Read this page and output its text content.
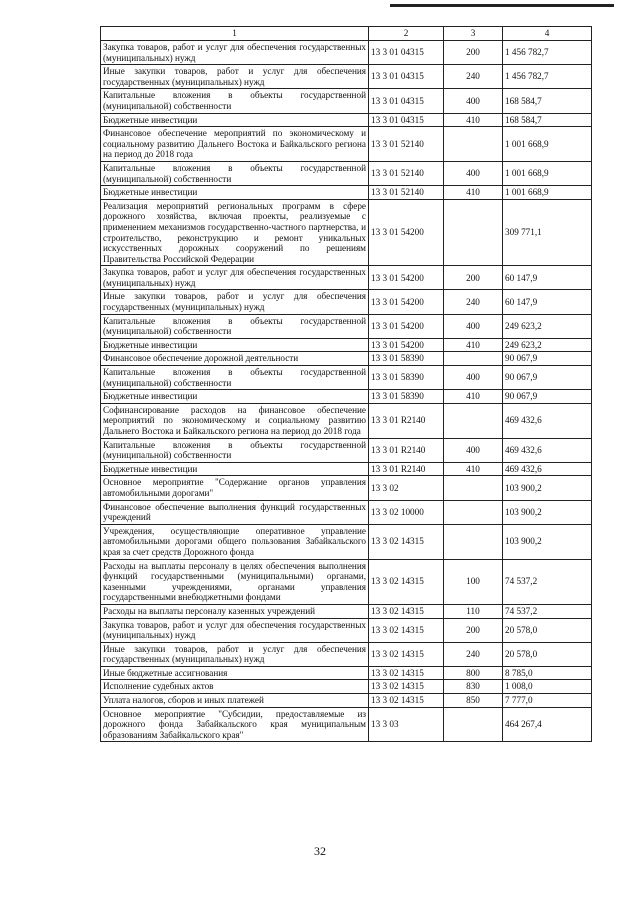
1	2	3	4
Закупка товаров, работ и услуг для обеспечения государственных (муниципальных) нужд	13 3 01 04315	200	1 456 782,7
Иные закупки товаров, работ и услуг для обеспечения государственных (муниципальных) нужд	13 3 01 04315	240	1 456 782,7
Капитальные вложения в объекты государственной (муниципальной) собственности	13 3 01 04315	400	168 584,7
Бюджетные инвестиции	13 3 01 04315	410	168 584,7
Финансовое обеспечение мероприятий по экономическому и социальному развитию Дальнего Востока и Байкальского региона на период до 2018 года	13 3 01 52140		1 001 668,9
Капитальные вложения в объекты государственной (муниципальной) собственности	13 3 01 52140	400	1 001 668,9
Бюджетные инвестиции	13 3 01 52140	410	1 001 668,9
Реализация мероприятий региональных программ в сфере дорожного хозяйства, включая проекты, реализуемые с применением механизмов государственно-частного партнерства, и строительство, реконструкцию и ремонт уникальных искусственных дорожных сооружений по решениям Правительства Российской Федерации	13 3 01 54200		309 771,1
Закупка товаров, работ и услуг для обеспечения государственных (муниципальных) нужд	13 3 01 54200	200	60 147,9
Иные закупки товаров, работ и услуг для обеспечения государственных (муниципальных) нужд	13 3 01 54200	240	60 147,9
Капитальные вложения в объекты государственной (муниципальной) собственности	13 3 01 54200	400	249 623,2
Бюджетные инвестиции	13 3 01 54200	410	249 623,2
Финансовое обеспечение дорожной деятельности	13 3 01 58390		90 067,9
Капитальные вложения в объекты государственной (муниципальной) собственности	13 3 01 58390	400	90 067,9
Бюджетные инвестиции	13 3 01 58390	410	90 067,9
Софинансирование расходов на финансовое обеспечение мероприятий по экономическому и социальному развитию Дальнего Востока и Байкальского региона на период до 2018 года	13 3 01 R2140		469 432,6
Капитальные вложения в объекты государственной (муниципальной) собственности	13 3 01 R2140	400	469 432,6
Бюджетные инвестиции	13 3 01 R2140	410	469 432,6
Основное мероприятие "Содержание органов управления автомобильными дорогами"	13 3 02		103 900,2
Финансовое обеспечение выполнения функций государственных учреждений	13 3 02 10000		103 900,2
Учреждения, осуществляющие оперативное управление автомобильными дорогами общего пользования Забайкальского края за счет средств Дорожного фонда	13 3 02 14315		103 900,2
Расходы на выплаты персоналу в целях обеспечения выполнения функций государственными (муниципальными) органами, казенными учреждениями, органами управления государственными внебюджетными фондами	13 3 02 14315	100	74 537,2
Расходы на выплаты персоналу казенных учреждений	13 3 02 14315	110	74 537,2
Закупка товаров, работ и услуг для обеспечения государственных (муниципальных) нужд	13 3 02 14315	200	20 578,0
Иные закупки товаров, работ и услуг для обеспечения государственных (муниципальных) нужд	13 3 02 14315	240	20 578,0
Иные бюджетные ассигнования	13 3 02 14315	800	8 785,0
Исполнение судебных актов	13 3 02 14315	830	1 008,0
Уплата налогов, сборов и иных платежей	13 3 02 14315	850	7 777,0
Основное мероприятие "Субсидии, предоставляемые из дорожного фонда Забайкальского края муниципальным образованиям Забайкальского края"	13 3 03		464 267,4
32
